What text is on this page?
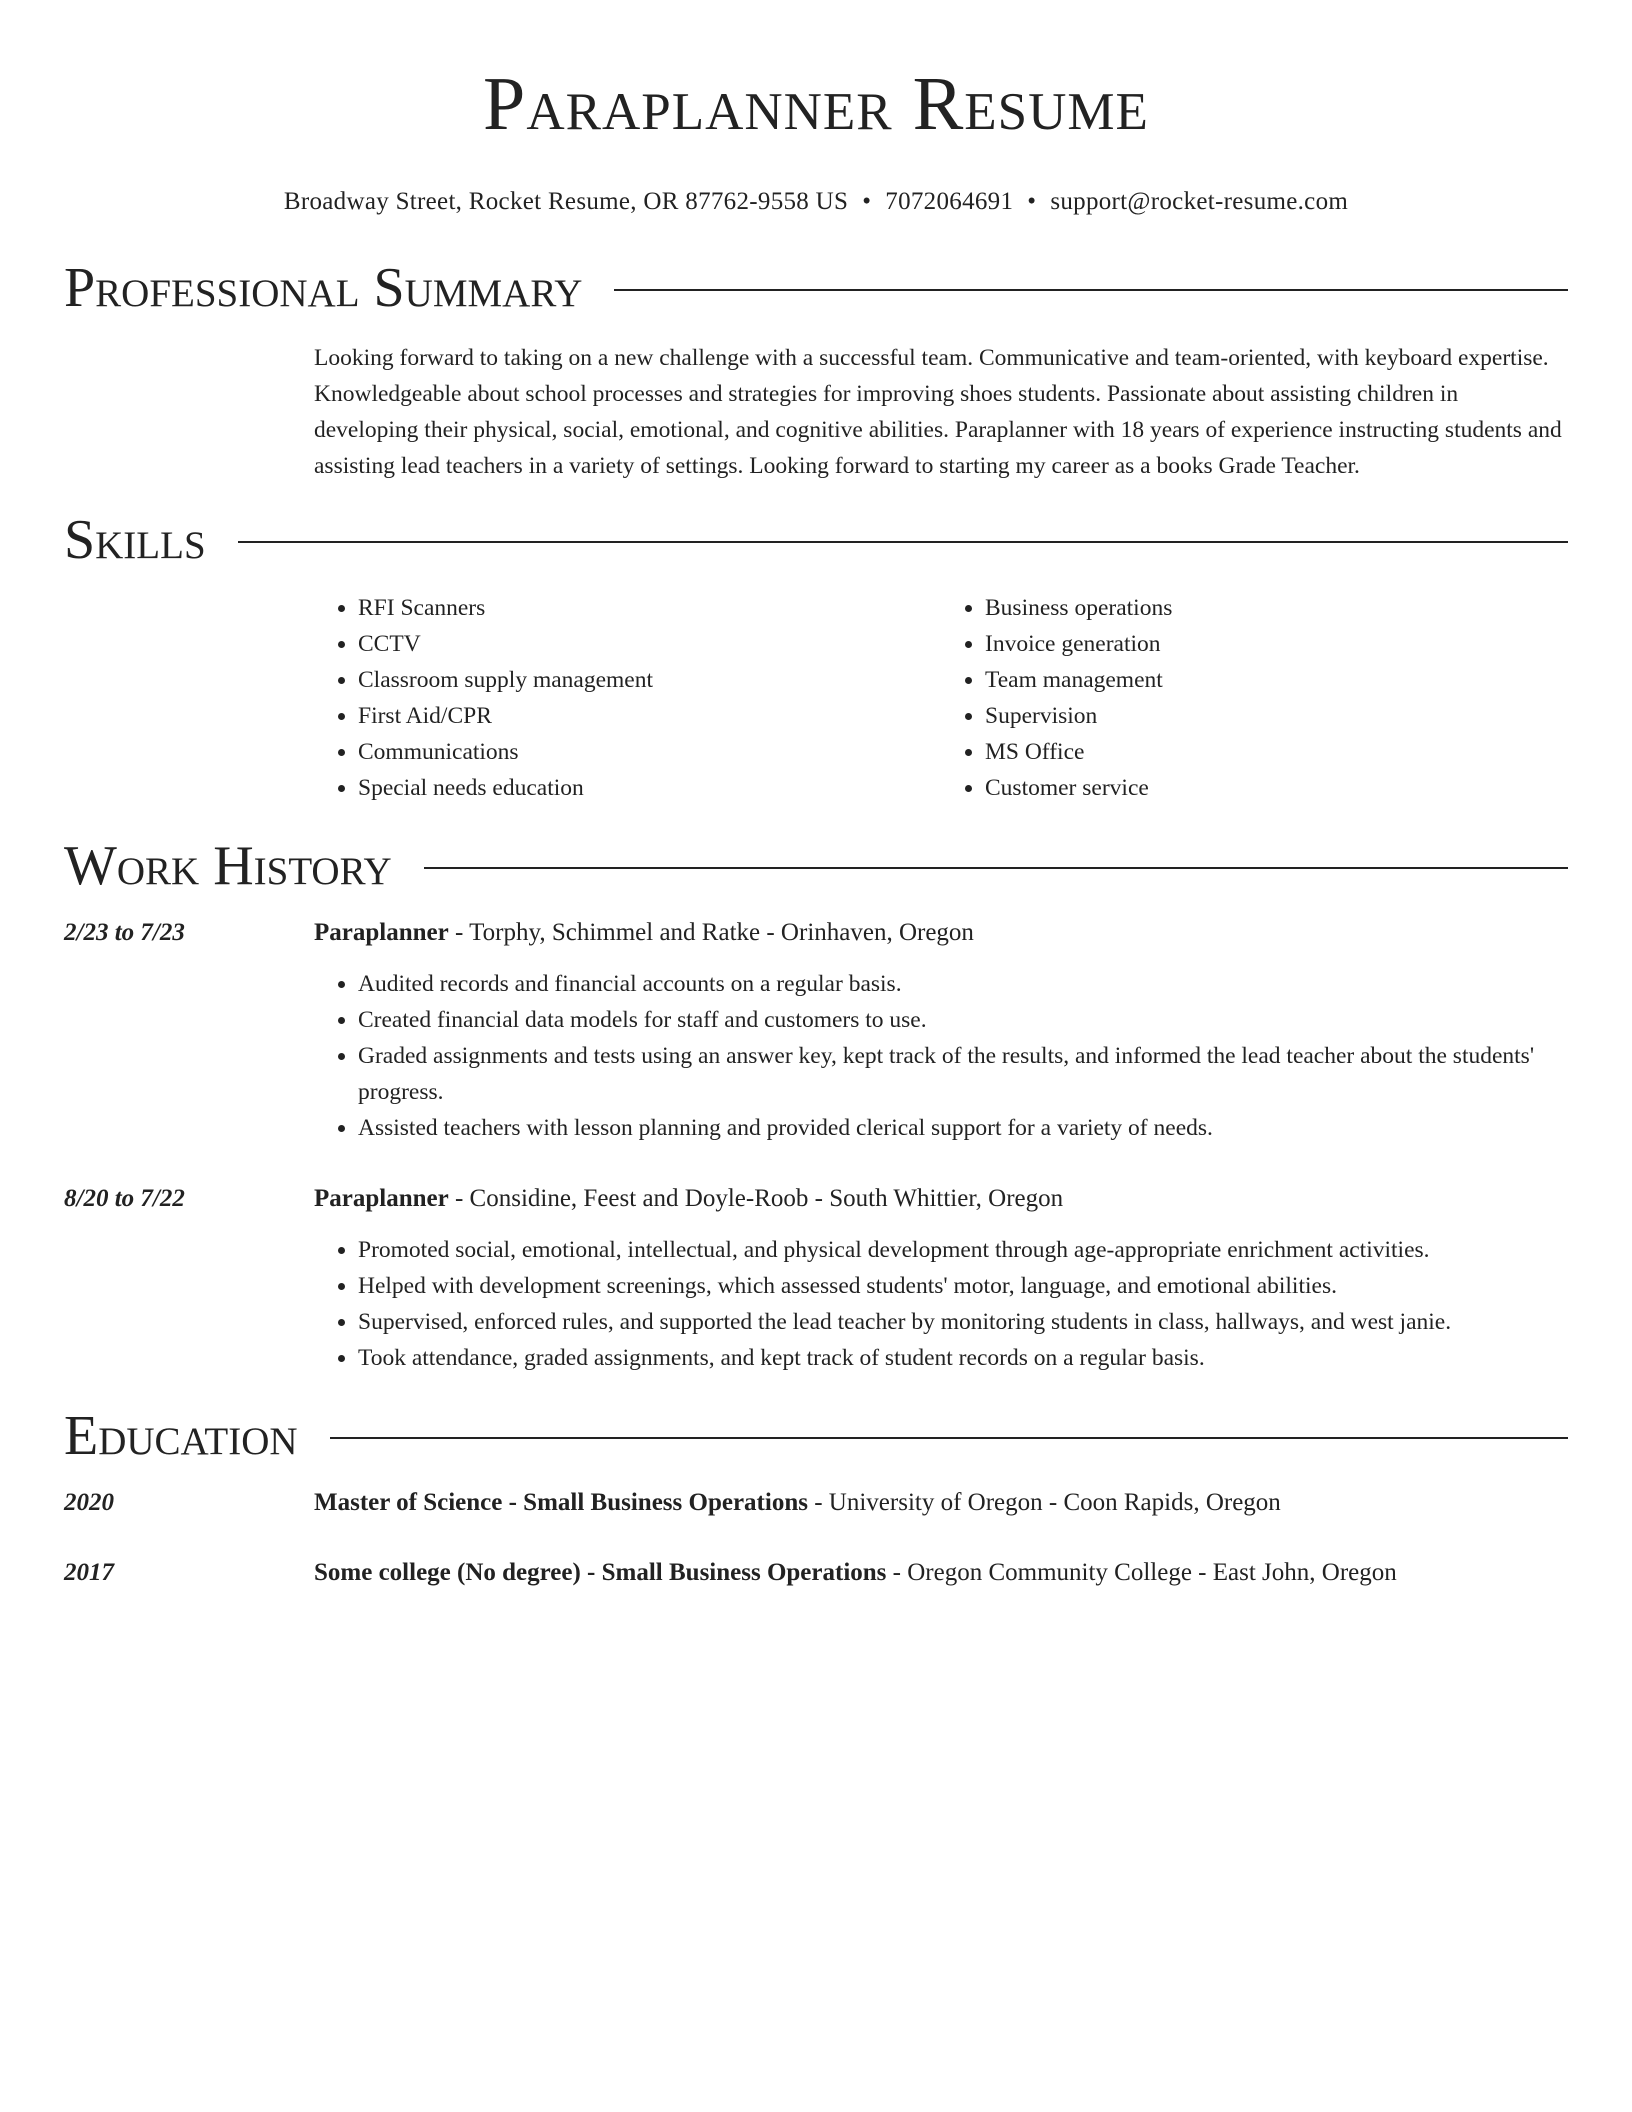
Paraplanner Resume
Broadway Street, Rocket Resume, OR 87762-9558 US • 7072064691 • support@rocket-resume.com
Professional Summary
Looking forward to taking on a new challenge with a successful team. Communicative and team-oriented, with keyboard expertise. Knowledgeable about school processes and strategies for improving shoes students. Passionate about assisting children in developing their physical, social, emotional, and cognitive abilities. Paraplanner with 18 years of experience instructing students and assisting lead teachers in a variety of settings. Looking forward to starting my career as a books Grade Teacher.
Skills
• RFI Scanners
• CCTV
• Classroom supply management
• First Aid/CPR
• Communications
• Special needs education
• Business operations
• Invoice generation
• Team management
• Supervision
• MS Office
• Customer service
Work History
2/23 to 7/23	Paraplanner - Torphy, Schimmel and Ratke - Orinhaven, Oregon
• Audited records and financial accounts on a regular basis.
• Created financial data models for staff and customers to use.
• Graded assignments and tests using an answer key, kept track of the results, and informed the lead teacher about the students' progress.
• Assisted teachers with lesson planning and provided clerical support for a variety of needs.
8/20 to 7/22	Paraplanner - Considine, Feest and Doyle-Roob - South Whittier, Oregon
• Promoted social, emotional, intellectual, and physical development through age-appropriate enrichment activities.
• Helped with development screenings, which assessed students' motor, language, and emotional abilities.
• Supervised, enforced rules, and supported the lead teacher by monitoring students in class, hallways, and west janie.
• Took attendance, graded assignments, and kept track of student records on a regular basis.
Education
2020	Master of Science - Small Business Operations - University of Oregon - Coon Rapids, Oregon
2017	Some college (No degree) - Small Business Operations - Oregon Community College - East John, Oregon
